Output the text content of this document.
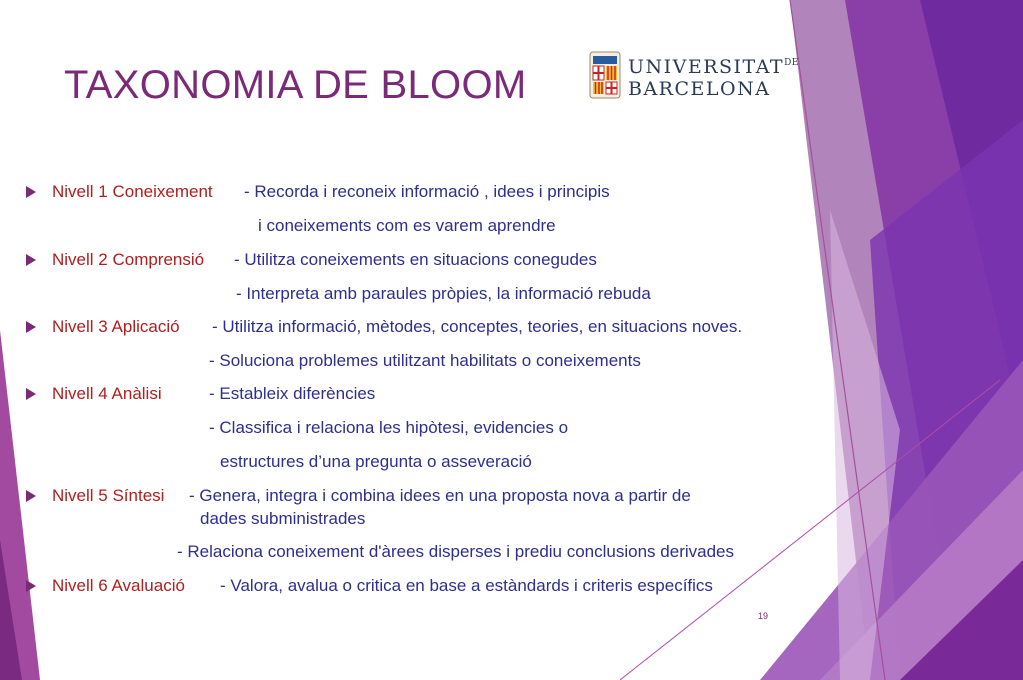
TAXONOMIA DE BLOOM	$UNIVERSITAT^{DE}$
BARCELONA
Nivell 1 Coneixement - Recorda i reconeix informació , idees i principis
i coneixements com es varem aprendre
Nivell 2 Comprensió - Utilitza coneixements en situacions conegudes
- Interpreta amb paraules pròpies, la informació rebuda
Nivell 3 Aplicació - Utilitza informació, mètodes, conceptes, teories, en situacions noves.
- Soluciona problemes utilitzant habilitats o coneixements
Nivell 4 Anàlisi	- Estableix diferències
- Classifica i relaciona les hipòtesi, evidencies o
estructures d’una pregunta o asseveració
Nivell 5 Síntesi - Genera, integra i combina idees en una proposta nova a partir de
dades subministrades
- Relaciona coneixement d'àrees disperses i prediu conclusions derivades
Nivell 6 Avaluació - Valora, avalua o critica en base a estàndards i criteris específics
19
